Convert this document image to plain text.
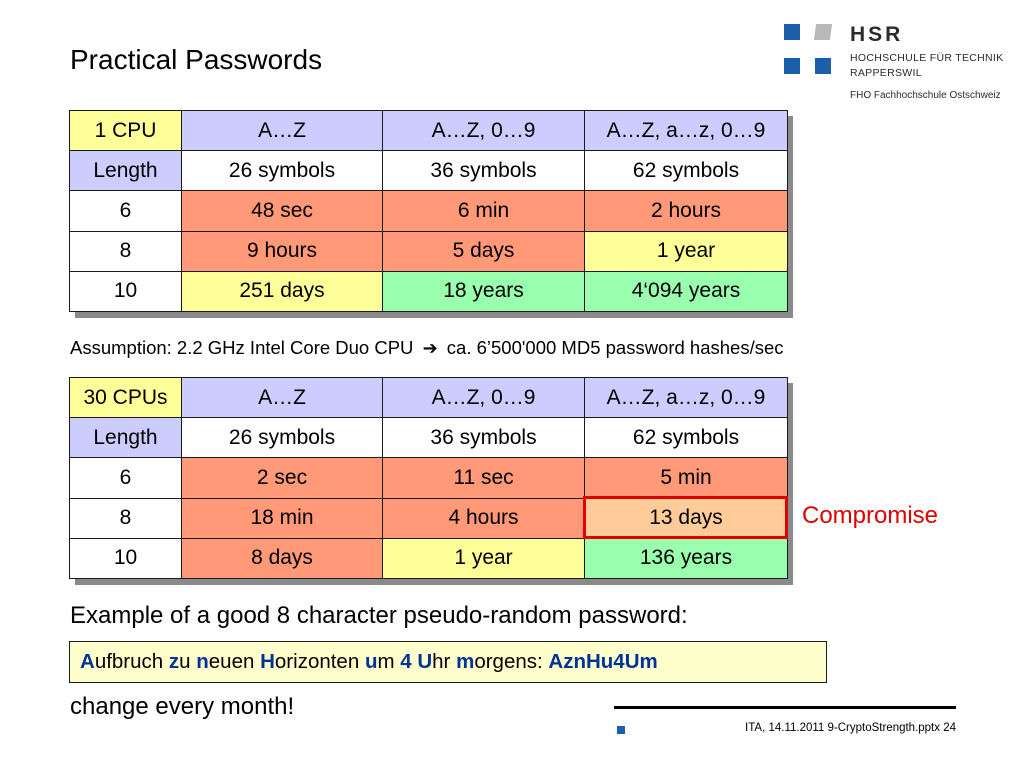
Practical Passwords
HSR
HOCHSCHULE FÜR TECHNIK
RAPPERSWIL
FHO Fachhochschule Ostschweiz
1 CPU	A…Z	A…Z, 0…9	A…Z, a…z, 0…9
Length	26 symbols	36 symbols	62 symbols
6	48 sec	6 min	2 hours
8	9 hours	5 days	1 year
10	251 days	18 years	4‘094 years
Assumption: 2.2 GHz Intel Core Duo CPU ➔ ca. 6’500'000 MD5 password hashes/sec
30 CPUs	A…Z	A…Z, 0…9	A…Z, a…z, 0…9
Length	26 symbols	36 symbols	62 symbols
6	2 sec	11 sec	5 min
8	18 min	4 hours	13 days
10	8 days	1 year	136 years
Compromise
Example of a good 8 character pseudo-random password:
Aufbruch zu neuen Horizonten um 4 Uhr morgens: AznHu4Um
change every month!
ITA, 14.11.2011 9-CryptoStrength.pptx 24
